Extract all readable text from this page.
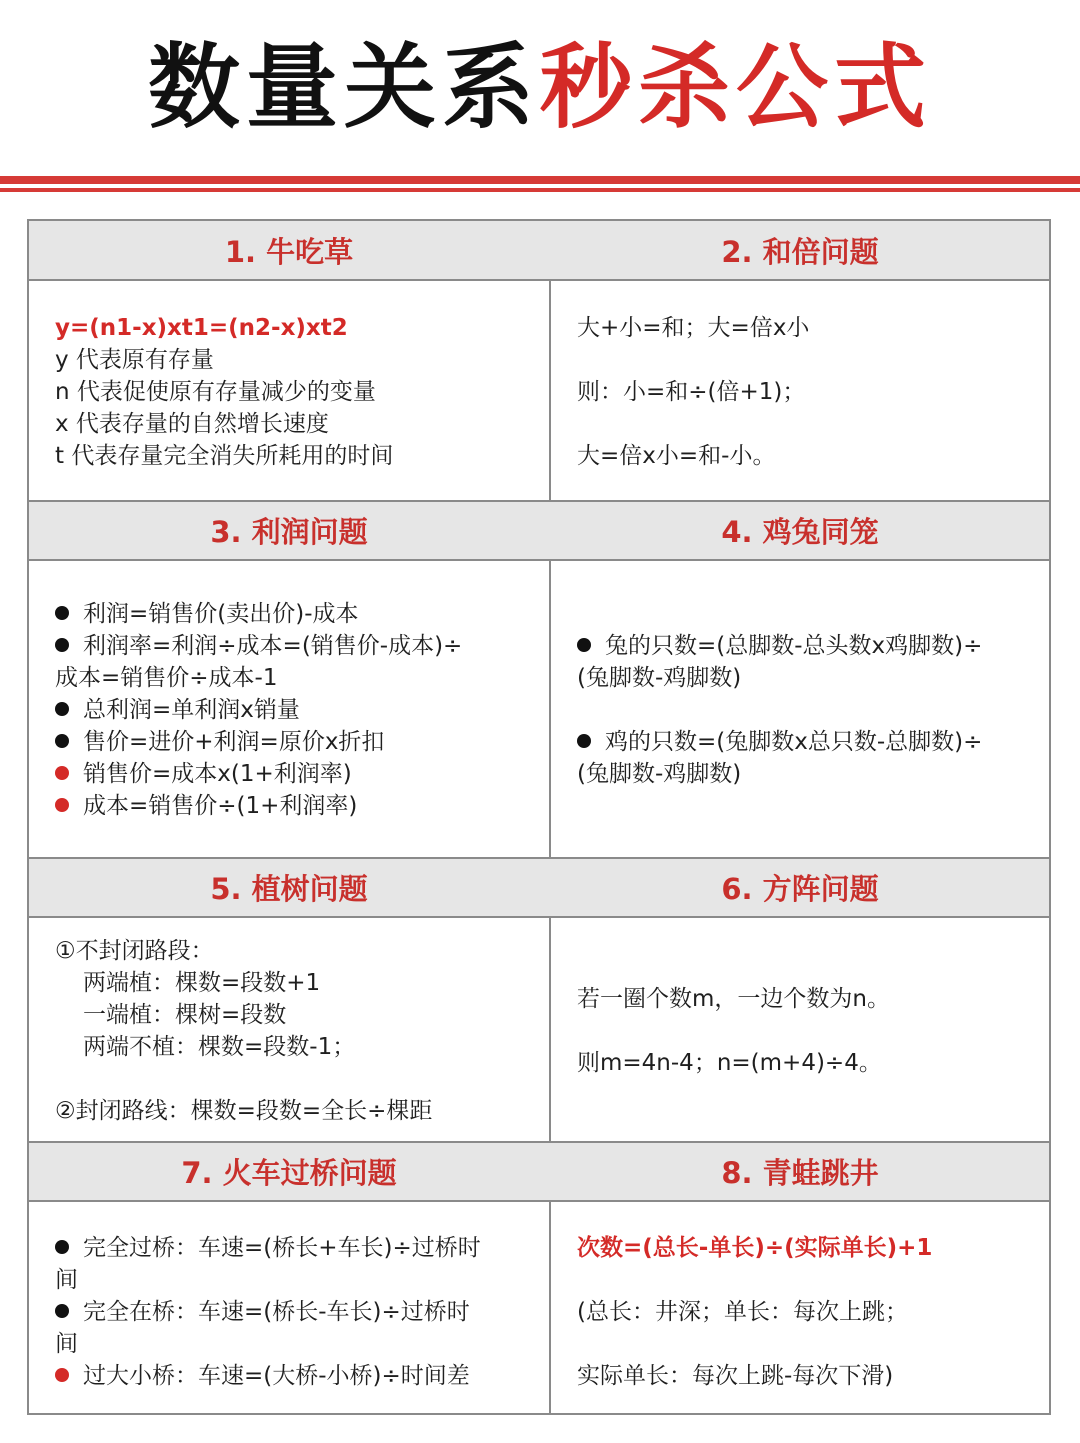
数量关系秒杀公式
1. 牛吃草	2. 和倍问题
y=(n1-x)xt1=(n2-x)xt2
y 代表原有存量
n 代表促使原有存量减少的变量
x 代表存量的自然增长速度
t 代表存量完全消失所耗用的时间
大+小=和；大=倍x小
则：小=和÷(倍+1)；
大=倍x小=和-小。
3. 利润问题	4. 鸡兔同笼
利润=销售价(卖出价)-成本
利润率=利润÷成本=(销售价-成本)÷
成本=销售价÷成本-1
总利润=单利润x销量
售价=进价+利润=原价x折扣
销售价=成本x(1+利润率)
成本=销售价÷(1+利润率)
兔的只数=(总脚数-总头数x鸡脚数)÷
(兔脚数-鸡脚数)
鸡的只数=(兔脚数x总只数-总脚数)÷
(兔脚数-鸡脚数)
5. 植树问题	6. 方阵问题
①不封闭路段：
两端植：棵数=段数+1
一端植：棵树=段数
两端不植：棵数=段数-1；
②封闭路线：棵数=段数=全长÷棵距
若一圈个数m，一边个数为n。
则m=4n-4；n=(m+4)÷4。
7. 火车过桥问题	8. 青蛙跳井
完全过桥：车速=(桥长+车长)÷过桥时
间
完全在桥：车速=(桥长-车长)÷过桥时
间
过大小桥：车速=(大桥-小桥)÷时间差
次数=(总长-单长)÷(实际单长)+1
(总长：井深；单长：每次上跳；
实际单长：每次上跳-每次下滑)
